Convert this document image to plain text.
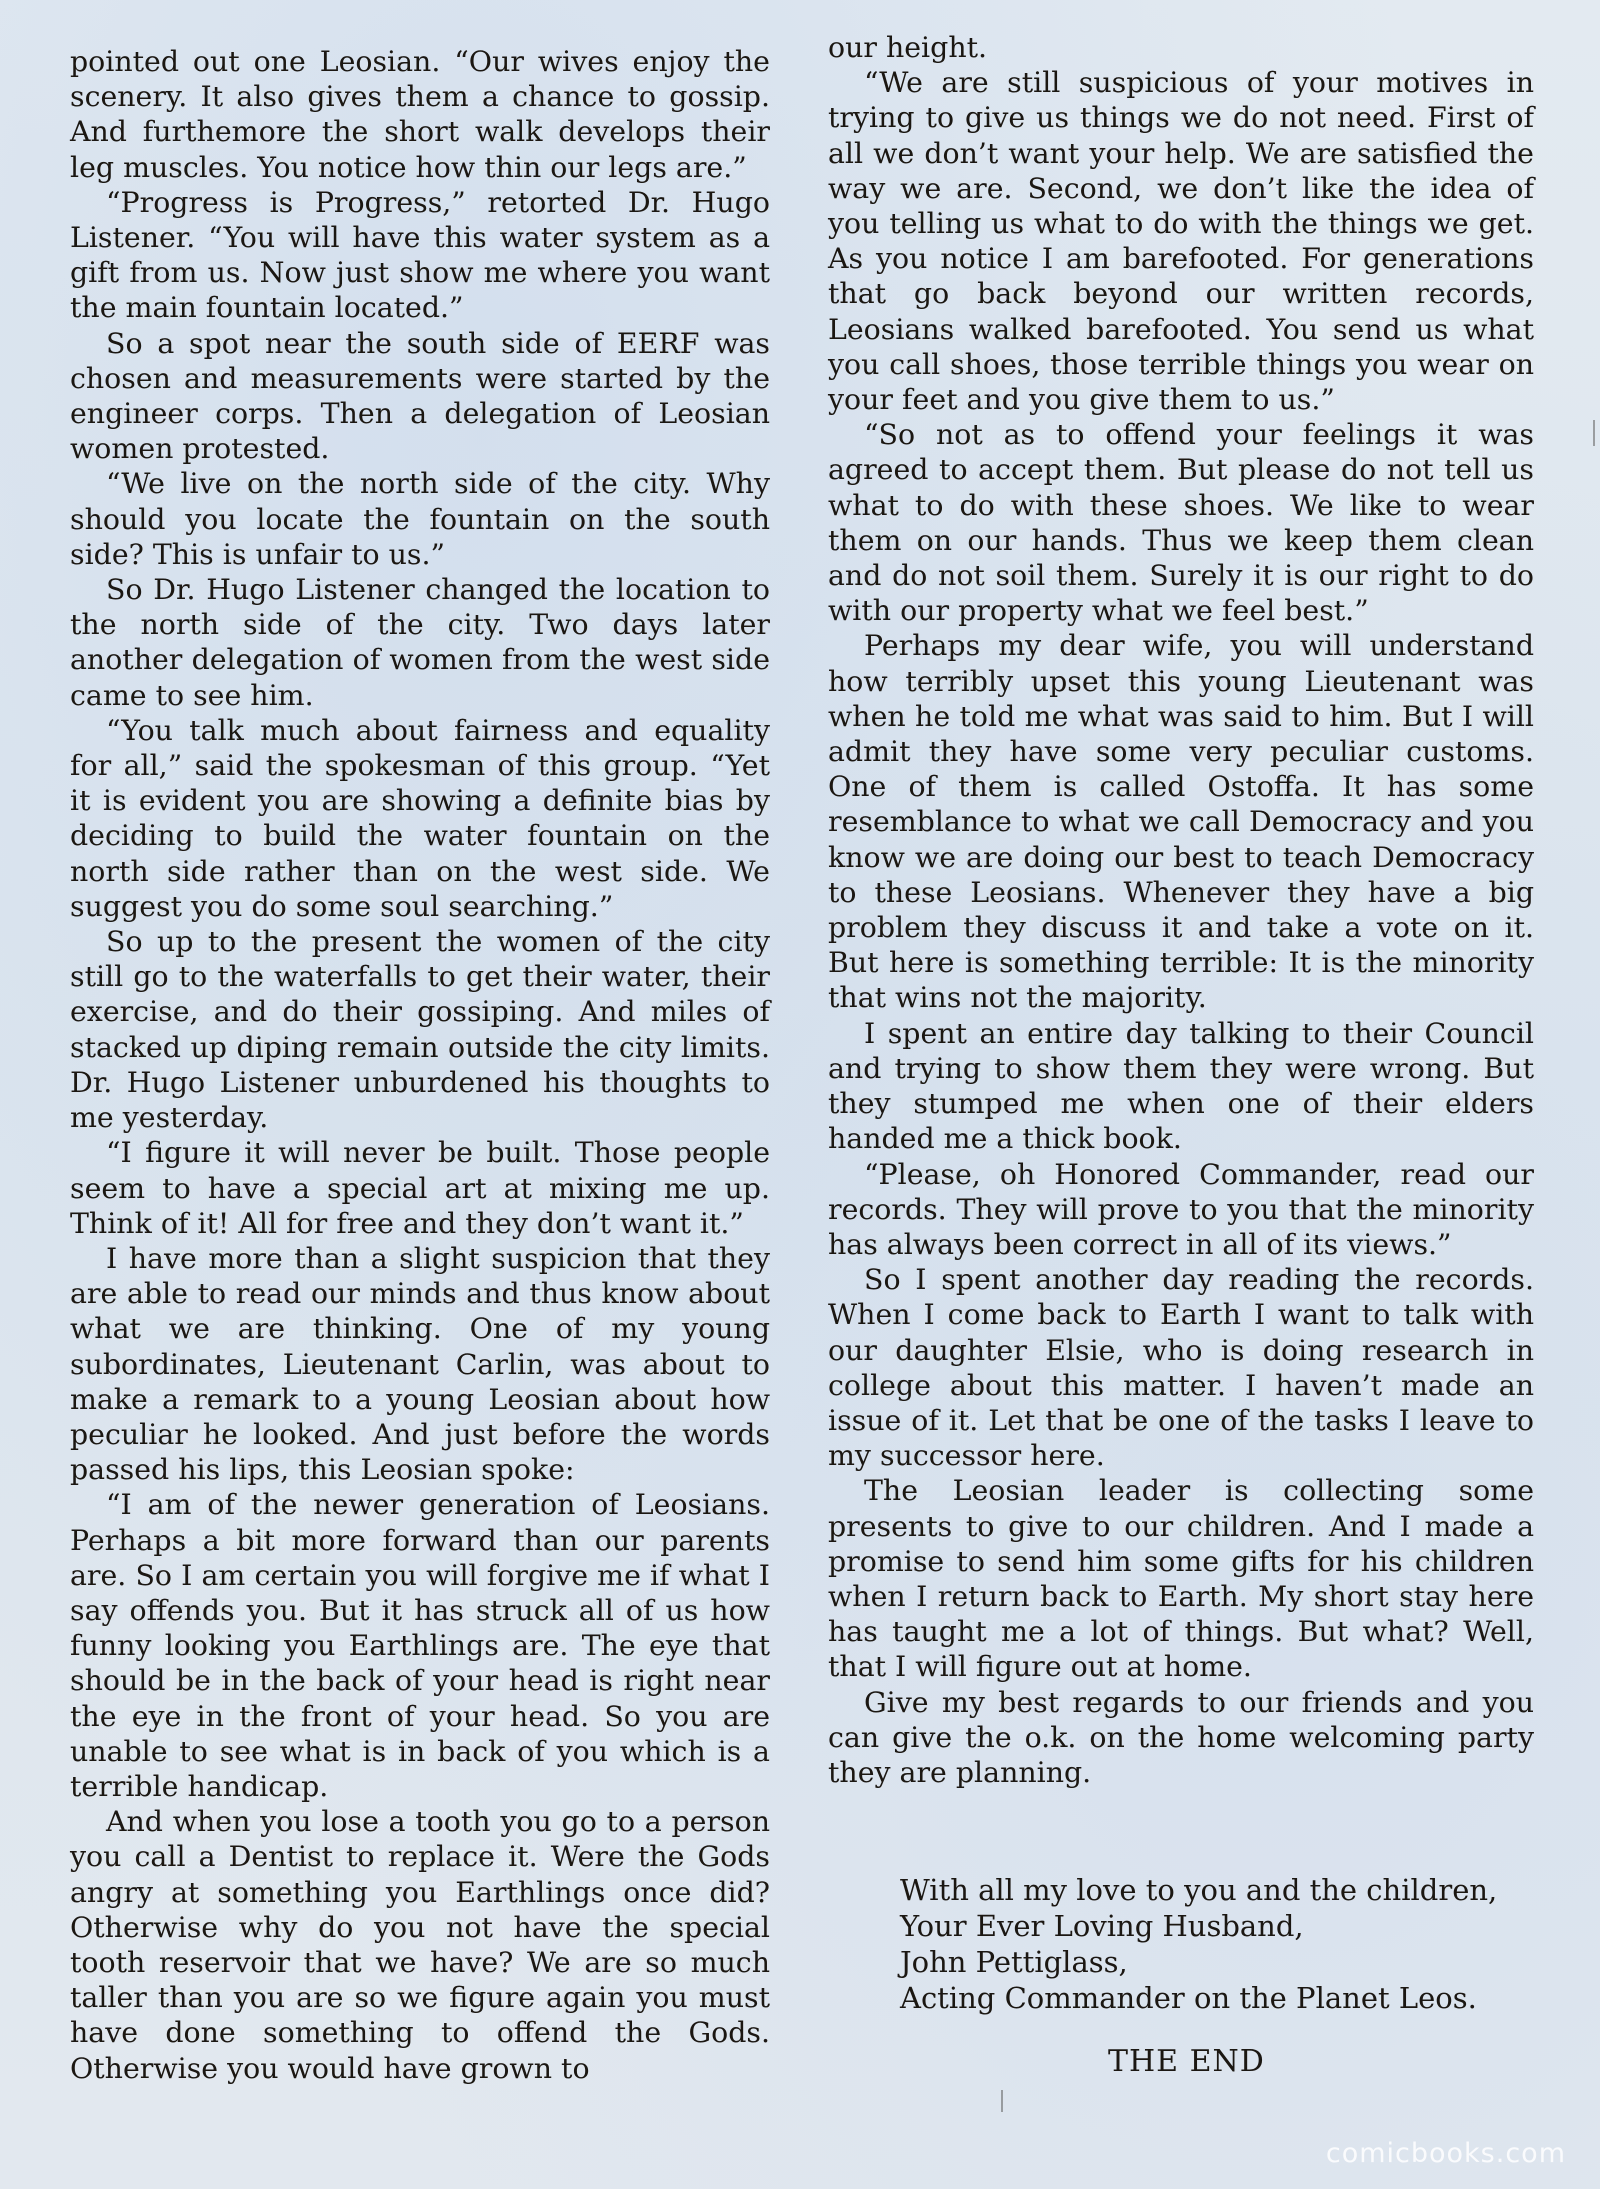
pointed out one Leosian. “Our wives enjoy the scenery. It also gives them a chance to gossip. And furthemore the short walk develops their leg muscles. You notice how thin our legs are.”

“Progress is Progress,” retorted Dr. Hugo Listener. “You will have this water system as a gift from us. Now just show me where you want the main fountain located.”

So a spot near the south side of EERF was chosen and measurements were started by the engineer corps. Then a delegation of Leosian women protested.

“We live on the north side of the city. Why should you locate the fountain on the south side? This is unfair to us.”

So Dr. Hugo Listener changed the location to the north side of the city. Two days later another delegation of women from the west side came to see him.

“You talk much about fairness and equality for all,” said the spokesman of this group. “Yet it is evident you are showing a definite bias by deciding to build the water fountain on the north side rather than on the west side. We suggest you do some soul searching.”

So up to the present the women of the city still go to the waterfalls to get their water, their exercise, and do their gossiping. And miles of stacked up diping remain outside the city limits. Dr. Hugo Listener unburdened his thoughts to me yesterday.

“I figure it will never be built. Those people seem to have a special art at mixing me up. Think of it! All for free and they don’t want it.”

I have more than a slight suspicion that they are able to read our minds and thus know about what we are thinking. One of my young subordinates, Lieutenant Carlin, was about to make a remark to a young Leosian about how peculiar he looked. And just before the words passed his lips, this Leosian spoke:

“I am of the newer generation of Leosians. Perhaps a bit more forward than our parents are. So I am certain you will forgive me if what I say offends you. But it has struck all of us how funny looking you Earthlings are. The eye that should be in the back of your head is right near the eye in the front of your head. So you are unable to see what is in back of you which is a terrible handicap.

And when you lose a tooth you go to a person you call a Dentist to replace it. Were the Gods angry at something you Earthlings once did? Otherwise why do you not have the special tooth reservoir that we have? We are so much taller than you are so we figure again you must have done something to offend the Gods. Otherwise you would have grown to

our height.

“We are still suspicious of your motives in trying to give us things we do not need. First of all we don’t want your help. We are satisfied the way we are. Second, we don’t like the idea of you telling us what to do with the things we get. As you notice I am barefooted. For generations that go back beyond our written records, Leosians walked barefooted. You send us what you call shoes, those terrible things you wear on your feet and you give them to us.”

“So not as to offend your feelings it was agreed to accept them. But please do not tell us what to do with these shoes. We like to wear them on our hands. Thus we keep them clean and do not soil them. Surely it is our right to do with our property what we feel best.”

Perhaps my dear wife, you will understand how terribly upset this young Lieutenant was when he told me what was said to him. But I will admit they have some very peculiar customs. One of them is called Ostoffa. It has some resemblance to what we call Democracy and you know we are doing our best to teach Democracy to these Leosians. Whenever they have a big problem they discuss it and take a vote on it. But here is something terrible: It is the minority that wins not the majority.

I spent an entire day talking to their Council and trying to show them they were wrong. But they stumped me when one of their elders handed me a thick book.

“Please, oh Honored Commander, read our records. They will prove to you that the minority has always been correct in all of its views.”

So I spent another day reading the records. When I come back to Earth I want to talk with our daughter Elsie, who is doing research in college about this matter. I haven’t made an issue of it. Let that be one of the tasks I leave to my successor here.

The Leosian leader is collecting some presents to give to our children. And I made a promise to send him some gifts for his children when I return back to Earth. My short stay here has taught me a lot of things. But what? Well, that I will figure out at home.

Give my best regards to our friends and you can give the o.k. on the home welcoming party they are planning.

With all my love to you and the children,
Your Ever Loving Husband,
John Pettiglass,
Acting Commander on the Planet Leos.
THE END
comicbooks.com
